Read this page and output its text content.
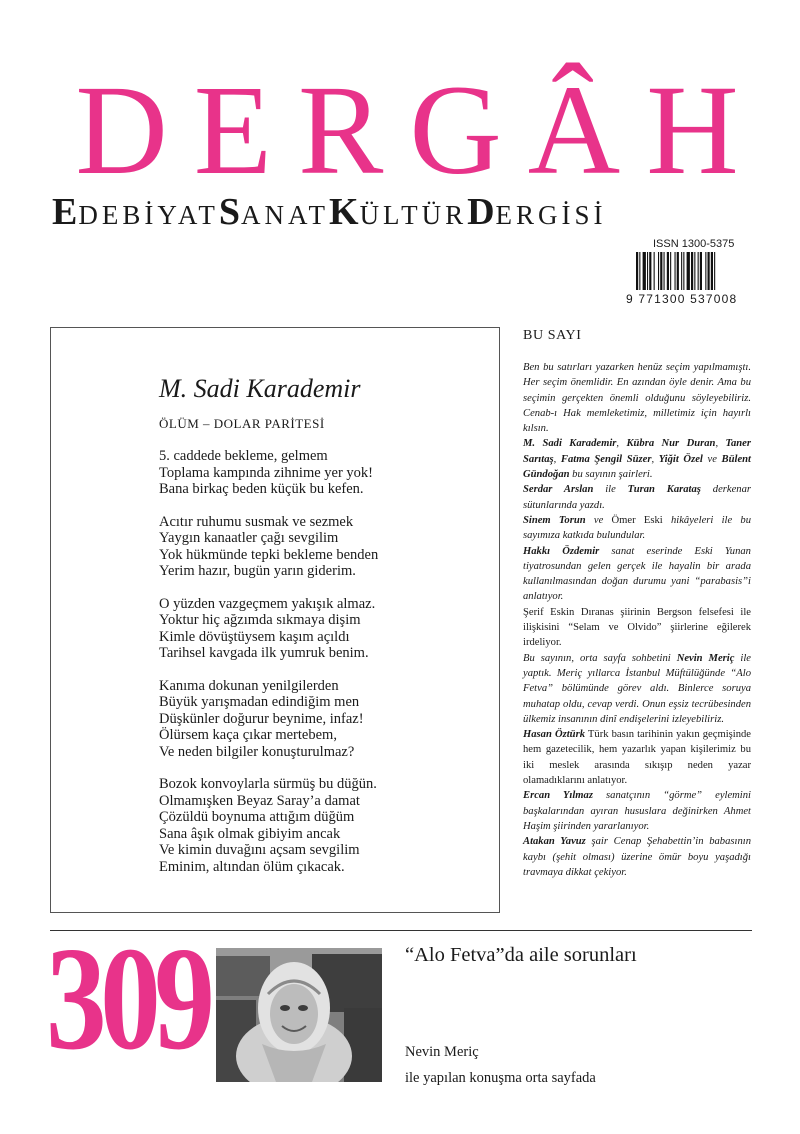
DERGÂH
EDEBİYATSANATKÜLTÜRDERGİSİ
ISSN 1300-5375
9 771300 537008
M. Sadi Karademir
ÖLÜM – DOLAR PARİTESİ
5. caddede bekleme, gelmem
Toplama kampında zihnime yer yok!
Bana birkaç beden küçük bu kefen.
Acıtır ruhumu susmak ve sezmek
Yaygın kanaatler çağı sevgilim
Yok hükmünde tepki bekleme benden
Yerim hazır, bugün yarın giderim.
O yüzden vazgeçmem yakışık almaz.
Yoktur hiç ağzımda sıkmaya dişim
Kimle dövüştüysem kaşım açıldı
Tarihsel kavgada ilk yumruk benim.
Kanıma dokunan yenilgilerden
Büyük yarışmadan edindiğim men
Düşkünler doğurur beynime, infaz!
Ölürsem kaça çıkar mertebem,
Ve neden bilgiler konuşturulmaz?
Bozok konvoylarla sürmüş bu düğün.
Olmamışken Beyaz Saray’a damat
Çözüldü boynuma attığım düğüm
Sana âşık olmak gibiyim ancak
Ve kimin duvağını açsam sevgilim
Eminim, altından ölüm çıkacak.
BU SAYI

Ben bu satırları yazarken henüz seçim yapılmamıştı. Her seçim önemlidir. En azından öyle denir. Ama bu seçimin gerçekten önemli olduğunu söyleyebiliriz. Cenab-ı Hak memleketimiz, milletimiz için hayırlı kılsın.

M. Sadi Karademir, Kübra Nur Duran, Taner Sarıtaş, Fatma Şengil Süzer, Yiğit Özel ve Bülent Gündoğan bu sayının şairleri.

Serdar Arslan ile Turan Karataş derkenar sütunlarında yazdı.

Sinem Torun ve Ömer Eski hikâyeleri ile bu sayımıza katkıda bulundular.

Hakkı Özdemir sanat eserinde Eski Yunan tiyatrosundan gelen gerçek ile hayalin bir arada kullanılmasından doğan durumu yani “parabasis”i anlatıyor.

Şerif Eskin Dıranas şiirinin Bergson felsefesi ile ilişkisini “Selam ve Olvido” şiirlerine eğilerek irdeliyor.

Bu sayının, orta sayfa sohbetini Nevin Meriç ile yaptık. Meriç yıllarca İstanbul Müftülüğünde “Alo Fetva” bölümünde görev aldı. Binlerce soruya muhatap oldu, cevap verdi. Onun eşsiz tecrübesinden ülkemiz insanının dinî endişelerini izleyebiliriz.

Hasan Öztürk Türk basın tarihinin yakın geçmişinde hem gazetecilik, hem yazarlık yapan kişilerimiz bu iki meslek arasında sıkışıp neden yazar olamadıklarını anlatıyor.

Ercan Yılmaz sanatçının “görme” eylemini başkalarından ayıran hususlara değinirken Ahmet Haşim şiirinden yararlanıyor.

Atakan Yavuz şair Cenap Şehabettin’in babasının kaybı (şehit olması) üzerine ömür boyu yaşadığı travmaya dikkat çekiyor.

309	“Alo Fetva”da aile sorunları
Nevin Meriç
ile yapılan konuşma orta sayfada
